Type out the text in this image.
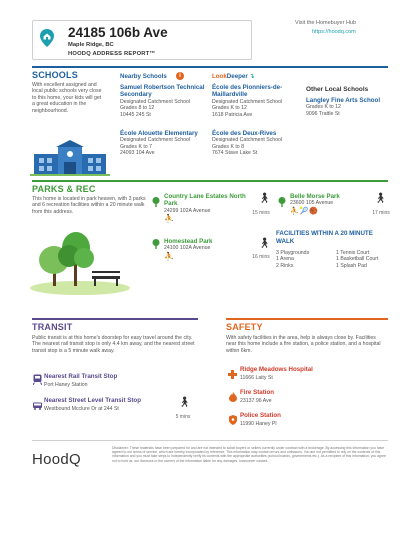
24185 106b Ave
Maple Ridge, BC
HOODQ ADDRESS REPORT™
Visit the Homebuyer Hub
https://hoodq.com
SCHOOLS
With excellent assigned and local public schools very close to this home, your kids will get a great education in the neighbourhood.
Nearby Schools	i	LookDeeper ↴
Samuel Robertson Technical Secondary
Designated Catchment School
Grades 8 to 12
10445 245 St
École Alouette Elementary
Designated Catchment School
Grades K to 7
24093 104 Ave
École des Pionniers-de-Maillardville
Designated Catchment School
Grades K to 12
1618 Patricia Ave
École des Deux-Rives
Designated Catchment School
Grades K to 8
7674 Stave Lake St
Other Local Schools
Langley Fine Arts School
Grades K to 12
9096 Trattle St
PARKS & REC
This home is located in park heaven, with 3 parks and 6 recreation facilities within a 20 minute walk from this address.
Country Lane Estates North Park
24299 102A Avenue
⛹
🚶︎
15 mins
Homestead Park
24100 102A Avenue
⛹
🚶︎
16 mins
Belle Morse Park
23600 105 Avenue
⛹🎾🏀
🚶︎
17 mins
FACILITIES WITHIN A 20 MINUTE WALK
3 Playgrounds
1 Arena
2 Rinks
1 Tennis Court
1 Basketball Court
1 Splash Pad
TRANSIT
Public transit is at this home's doorstep for easy travel around the city. The nearest rail transit stop is only 4.4 km away, and the nearest street transit stop is a 5 minute walk away.
Nearest Rail Transit Stop
Port Haney Station
Nearest Street Level Transit Stop
Westbound Mcclure Dr at 244 St
🚶︎
5 mins
SAFETY
With safety facilities in the area, help is always close by. Facilities near this home include a fire station, a police station, and a hospital within 6km.
Ridge Meadows Hospital
11666 Laity St
Fire Station
23137 96 Ave
Police Station
11990 Haney Pl
HoodQ
Disclaimer: These materials have been prepared for and are not intended to solicit buyers or sellers currently under contract with a brokerage. By accessing this information you have agreed to our terms of service, which are hereby incorporated by reference. This information may contain errors and omissions. You are not permitted to rely on the contents of this information and you must take steps to independently verify its contents with the appropriate authorities (school boards, governments etc.). As a recipient of this information, you agree not to hold us, our licensors or the owners of the information liable for any damages, howsoever caused.
